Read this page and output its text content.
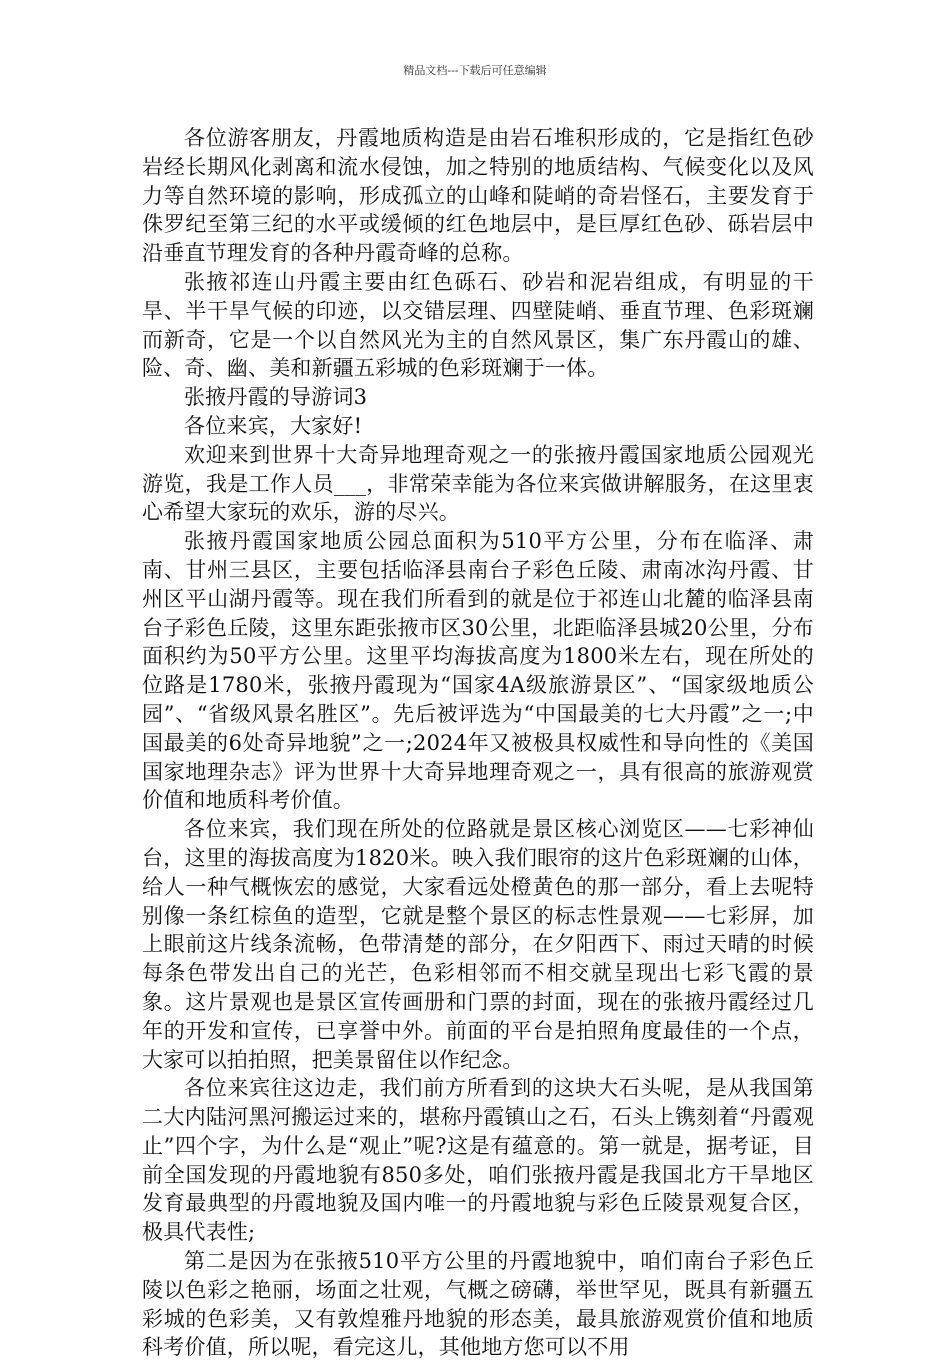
精品文档---下载后可任意编辑

各位游客朋友，丹霞地质构造是由岩石堆积形成的，它是指红色砂岩经长期风化剥离和流水侵蚀，加之特别的地质结构、气候变化以及风力等自然环境的影响，形成孤立的山峰和陡峭的奇岩怪石，主要发育于侏罗纪至第三纪的水平或缓倾的红色地层中，是巨厚红色砂、砾岩层中沿垂直节理发育的各种丹霞奇峰的总称。

张掖祁连山丹霞主要由红色砾石、砂岩和泥岩组成，有明显的干旱、半干旱气候的印迹，以交错层理、四壁陡峭、垂直节理、色彩斑斓而新奇，它是一个以自然风光为主的自然风景区，集广东丹霞山的雄、险、奇、幽、美和新疆五彩城的色彩斑斓于一体。

张掖丹霞的导游词3

各位来宾，大家好!

欢迎来到世界十大奇异地理奇观之一的张掖丹霞国家地质公园观光游览，我是工作人员___，非常荣幸能为各位来宾做讲解服务，在这里衷心希望大家玩的欢乐，游的尽兴。

张掖丹霞国家地质公园总面积为510平方公里，分布在临泽、肃南、甘州三县区，主要包括临泽县南台子彩色丘陵、肃南冰沟丹霞、甘州区平山湖丹霞等。现在我们所看到的就是位于祁连山北麓的临泽县南台子彩色丘陵，这里东距张掖市区30公里，北距临泽县城20公里，分布面积约为50平方公里。这里平均海拔高度为1800米左右，现在所处的位路是1780米，张掖丹霞现为“国家4A级旅游景区”、“国家级地质公园”、“省级风景名胜区”。先后被评选为“中国最美的七大丹霞”之一;中国最美的6处奇异地貌”之一;2024年又被极具权威性和导向性的《美国国家地理杂志》评为世界十大奇异地理奇观之一，具有很高的旅游观赏价值和地质科考价值。

各位来宾，我们现在所处的位路就是景区核心浏览区——七彩神仙台，这里的海拔高度为1820米。映入我们眼帘的这片色彩斑斓的山体，给人一种气概恢宏的感觉，大家看远处橙黄色的那一部分，看上去呢特别像一条红棕鱼的造型，它就是整个景区的标志性景观——七彩屏，加上眼前这片线条流畅，色带清楚的部分，在夕阳西下、雨过天晴的时候每条色带发出自己的光芒，色彩相邻而不相交就呈现出七彩飞霞的景象。这片景观也是景区宣传画册和门票的封面，现在的张掖丹霞经过几年的开发和宣传，已享誉中外。前面的平台是拍照角度最佳的一个点，大家可以拍拍照，把美景留住以作纪念。

各位来宾往这边走，我们前方所看到的这块大石头呢，是从我国第二大内陆河黑河搬运过来的，堪称丹霞镇山之石，石头上镌刻着“丹霞观止”四个字，为什么是“观止”呢?这是有蕴意的。第一就是，据考证，目前全国发现的丹霞地貌有850多处，咱们张掖丹霞是我国北方干旱地区发育最典型的丹霞地貌及国内唯一的丹霞地貌与彩色丘陵景观复合区，极具代表性;

第二是因为在张掖510平方公里的丹霞地貌中，咱们南台子彩色丘陵以色彩之艳丽，场面之壮观，气概之磅礴，举世罕见，既具有新疆五彩城的色彩美，又有敦煌雅丹地貌的形态美，最具旅游观赏价值和地质科考价值，所以呢，看完这儿，其他地方您可以不用
